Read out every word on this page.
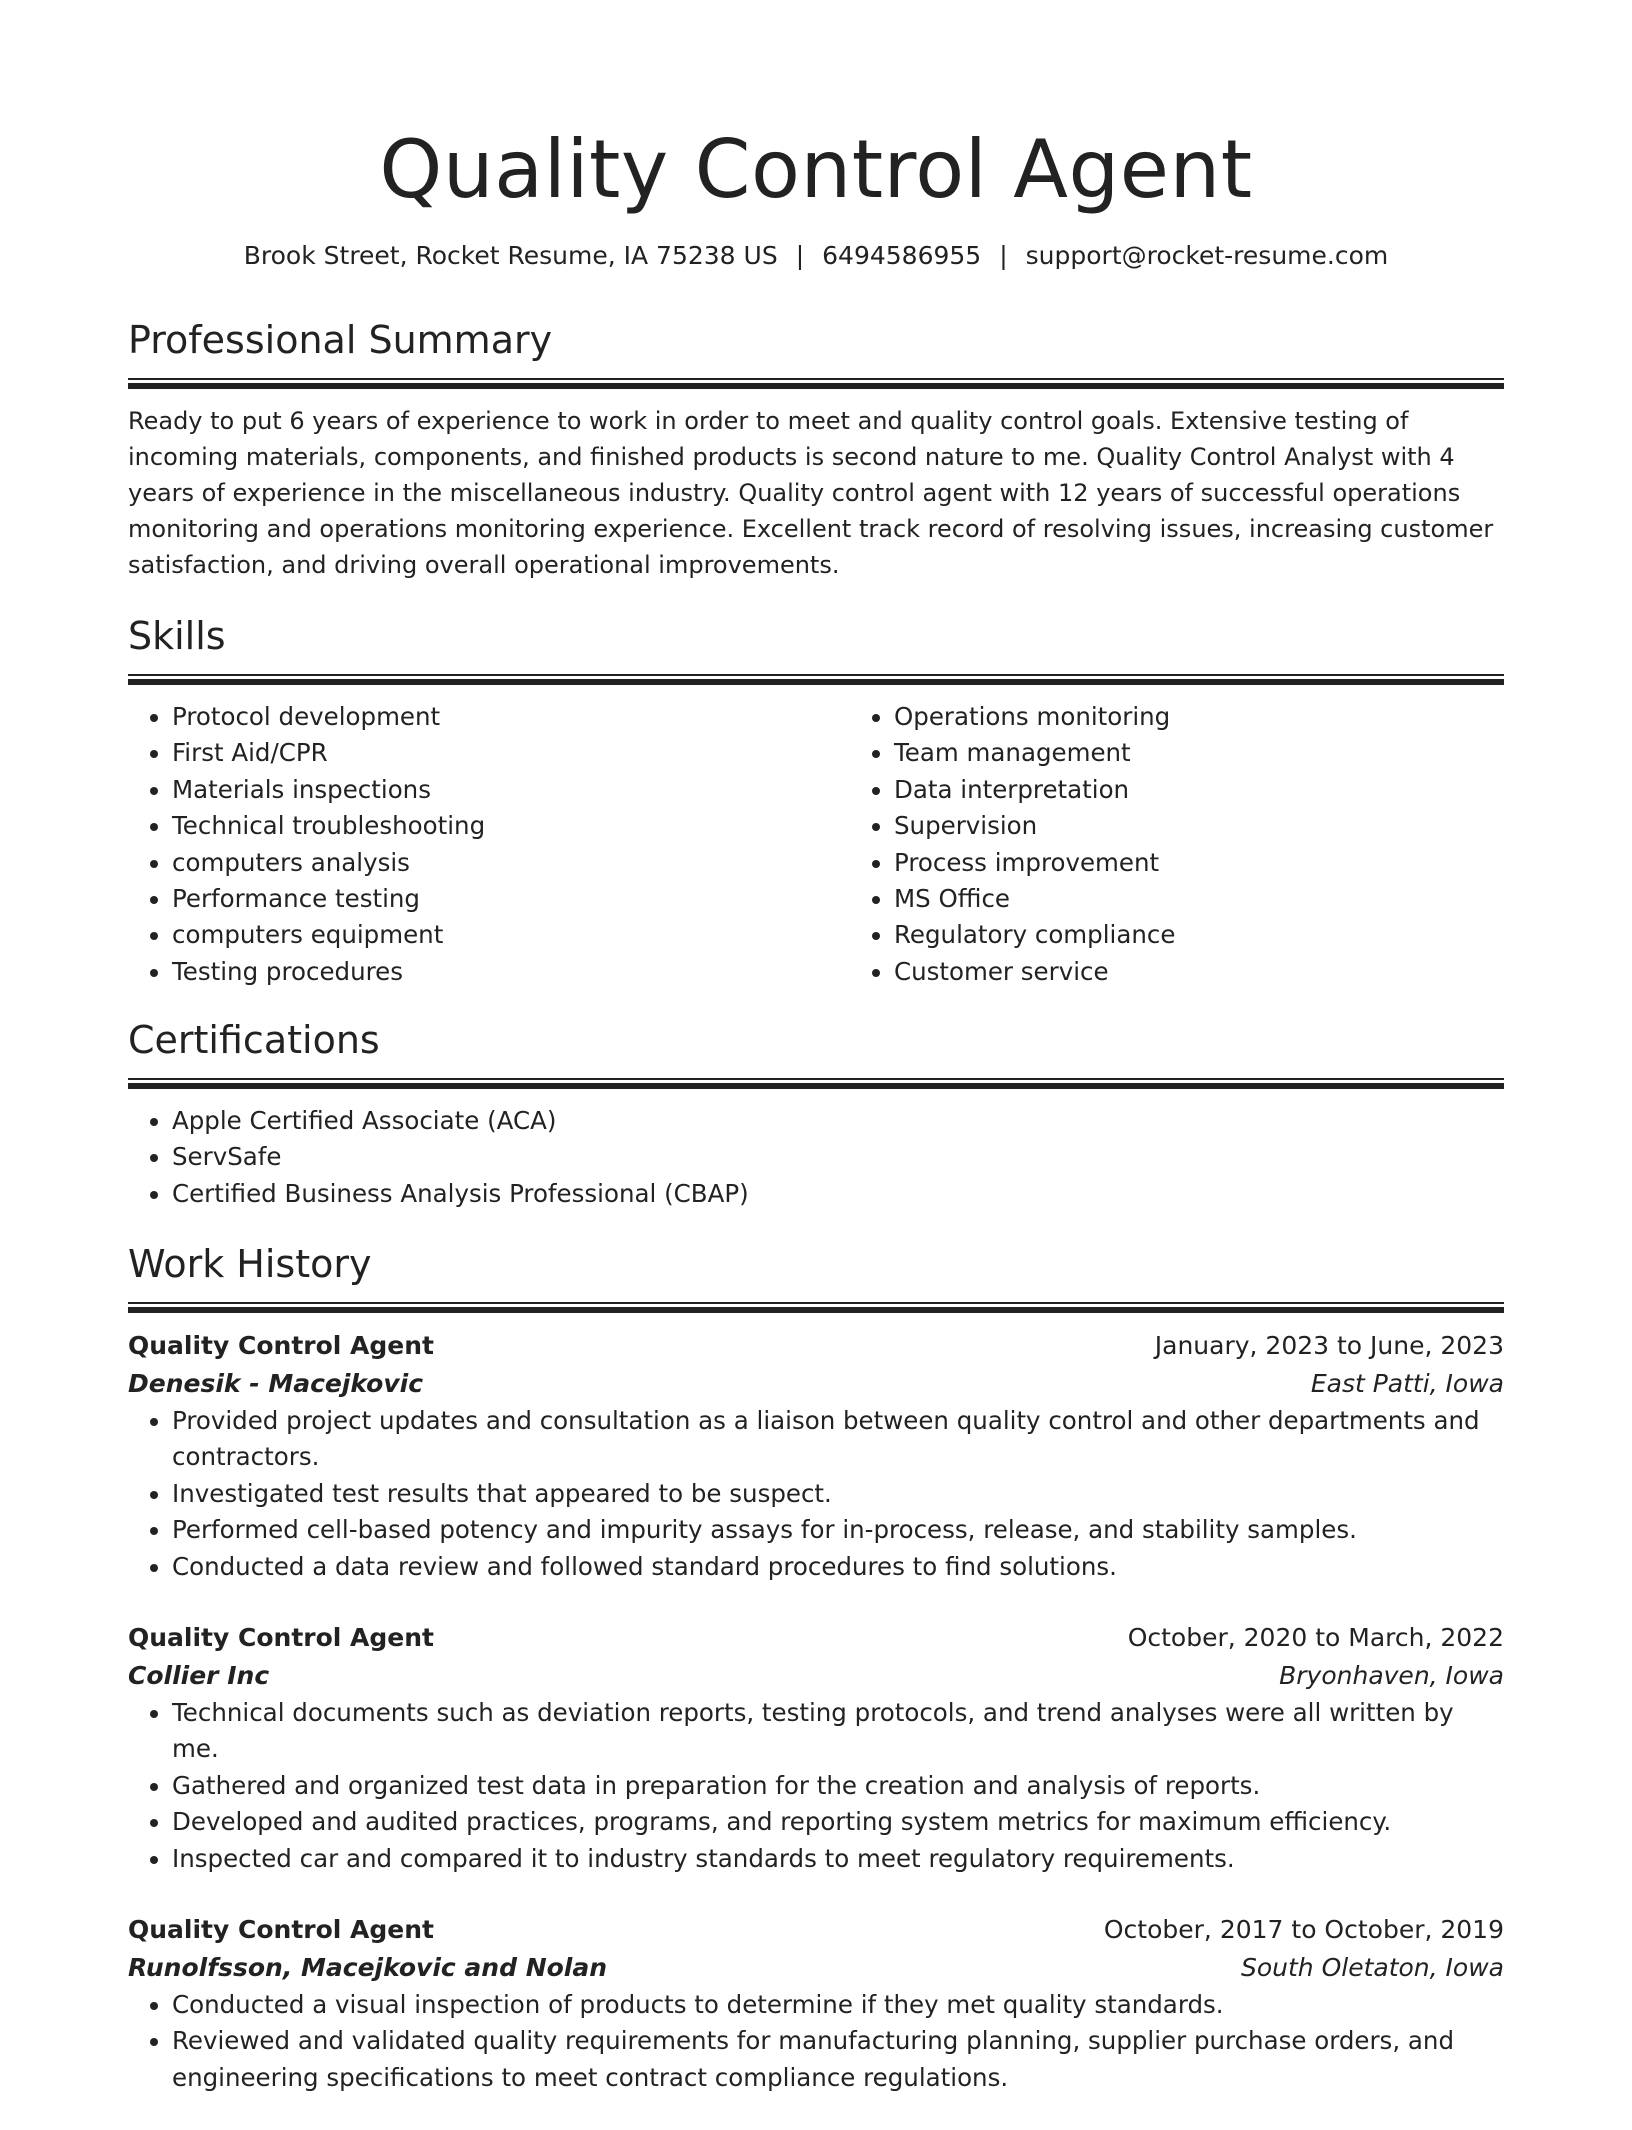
Quality Control Agent
Brook Street, Rocket Resume, IA 75238 US | 6494586955 | support@rocket-resume.com
Professional Summary

Ready to put 6 years of experience to work in order to meet and quality control goals. Extensive testing of incoming materials, components, and finished products is second nature to me. Quality Control Analyst with 4 years of experience in the miscellaneous industry. Quality control agent with 12 years of successful operations monitoring and operations monitoring experience. Excellent track record of resolving issues, increasing customer satisfaction, and driving overall operational improvements.

Skills
• Protocol development
• First Aid/CPR
• Materials inspections
• Technical troubleshooting
• computers analysis
• Performance testing
• computers equipment
• Testing procedures
• Operations monitoring
• Team management
• Data interpretation
• Supervision
• Process improvement
• MS Office
• Regulatory compliance
• Customer service
Certifications
• Apple Certified Associate (ACA)
• ServSafe
• Certified Business Analysis Professional (CBAP)
Work History
Quality Control Agent	January, 2023 to June, 2023
Denesik - Macejkovic	East Patti, Iowa
• Provided project updates and consultation as a liaison between quality control and other departments and contractors.
• Investigated test results that appeared to be suspect.
• Performed cell-based potency and impurity assays for in-process, release, and stability samples.
• Conducted a data review and followed standard procedures to find solutions.
Quality Control Agent	October, 2020 to March, 2022
Collier Inc	Bryonhaven, Iowa
• Technical documents such as deviation reports, testing protocols, and trend analyses were all written by me.
• Gathered and organized test data in preparation for the creation and analysis of reports.
• Developed and audited practices, programs, and reporting system metrics for maximum efficiency.
• Inspected car and compared it to industry standards to meet regulatory requirements.
Quality Control Agent	October, 2017 to October, 2019
Runolfsson, Macejkovic and Nolan	South Oletaton, Iowa
• Conducted a visual inspection of products to determine if they met quality standards.
• Reviewed and validated quality requirements for manufacturing planning, supplier purchase orders, and engineering specifications to meet contract compliance regulations.
